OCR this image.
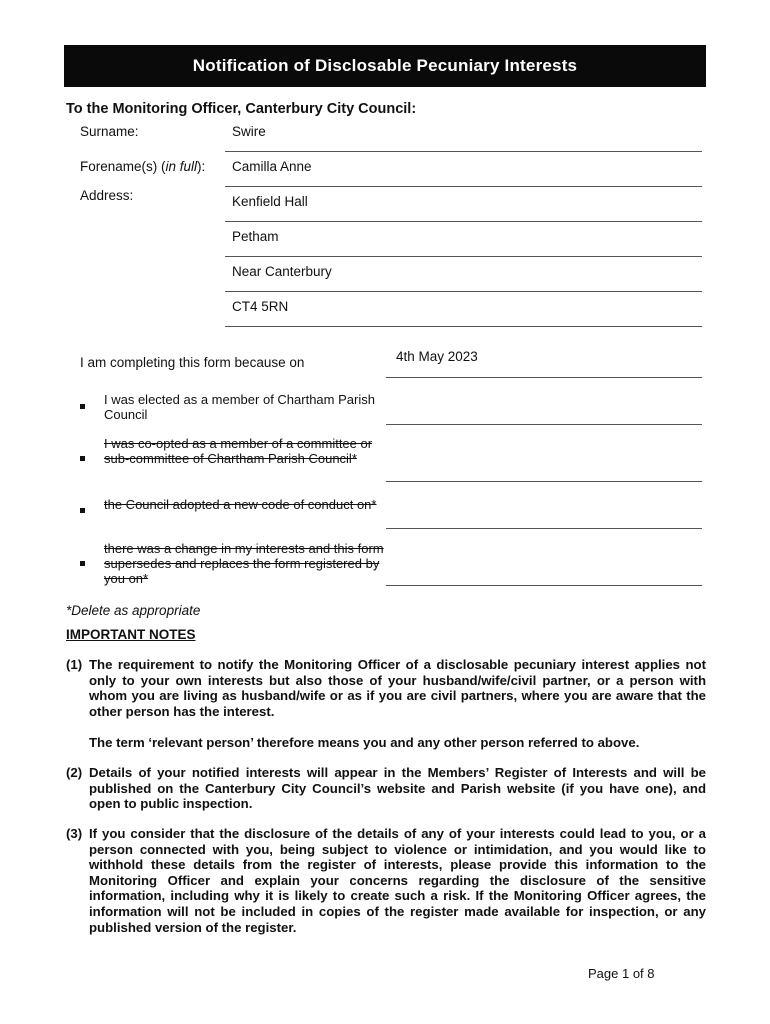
Notification of Disclosable Pecuniary Interests
To the Monitoring Officer, Canterbury City Council:
Surname:	Swire
Forename(s) (in full): Camilla Anne
Address:	Kenfield Hall
Petham
Near Canterbury
CT4 5RN
I am completing this form because on	4th May 2023
I was elected as a member of Chartham Parish Council
I was co-opted as a member of a committee or sub-committee of Chartham Parish Council*
the Council adopted a new code of conduct on*
there was a change in my interests and this form supersedes and replaces the form registered by you on*
*Delete as appropriate
IMPORTANT NOTES
(1) The requirement to notify the Monitoring Officer of a disclosable pecuniary interest applies not only to your own interests but also those of your husband/wife/civil partner, or a person with whom you are living as husband/wife or as if you are civil partners, where you are aware that the other person has the interest.
The term ‘relevant person’ therefore means you and any other person referred to above.
(2) Details of your notified interests will appear in the Members’ Register of Interests and will be published on the Canterbury City Council’s website and Parish website (if you have one), and open to public inspection.
(3) If you consider that the disclosure of the details of any of your interests could lead to you, or a person connected with you, being subject to violence or intimidation, and you would like to withhold these details from the register of interests, please provide this information to the Monitoring Officer and explain your concerns regarding the disclosure of the sensitive information, including why it is likely to create such a risk. If the Monitoring Officer agrees, the information will not be included in copies of the register made available for inspection, or any published version of the register.
Page 1 of 8
